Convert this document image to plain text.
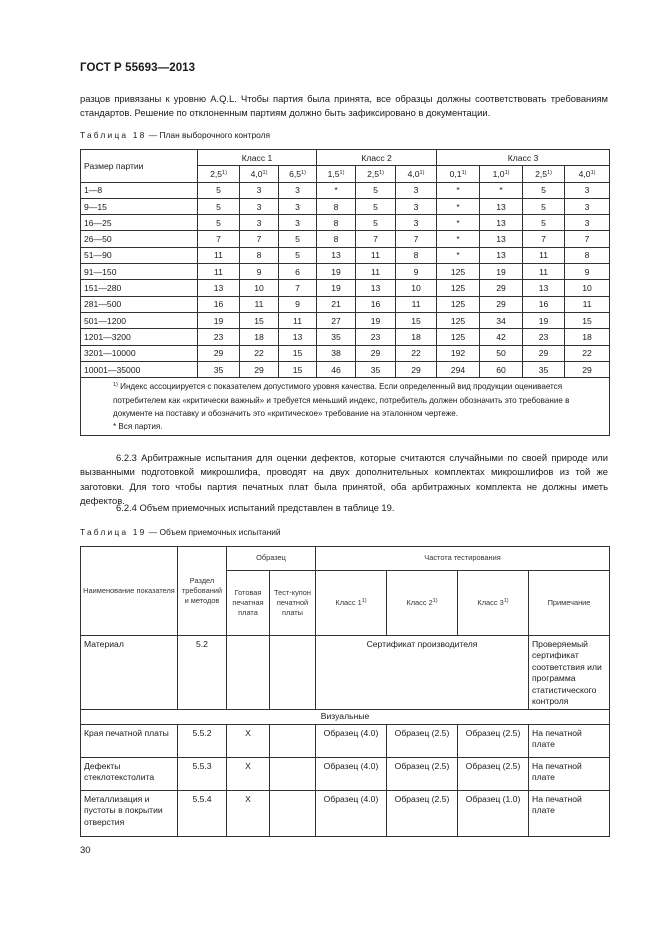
ГОСТ Р 55693—2013
разцов привязаны к уровню A.Q.L. Чтобы партия была принята, все образцы должны соответствовать требованиям стандартов. Решение по отклоненным партиям должно быть зафиксировано в документации.
Таблица 18 — План выборочного контроля
Размер партии	Класс 1			Класс 2			Класс 3			
	2,5$^{1)}$	4,0$^{1)}$	6,5$^{1)}$	1,5$^{1)}$	2,5$^{1)}$	4,0$^{1)}$	0,1$^{1)}$	1,0$^{1)}$	2,5$^{1)}$	4,0$^{1)}$
1—8	5	3	3	*	5	3	*	*	5	3
9—15	5	3	3	8	5	3	*	13	5	3
16—25	5	3	3	8	5	3	*	13	5	3
26—50	7	7	5	8	7	7	*	13	7	7
51—90	11	8	5	13	11	8	*	13	11	8
91—150	11	9	6	19	11	9	125	19	11	9
151—280	13	10	7	19	13	10	125	29	13	10
281—500	16	11	9	21	16	11	125	29	16	11
501—1200	19	15	11	27	19	15	125	34	19	15
1201—3200	23	18	13	35	23	18	125	42	23	18
3201—10000	29	22	15	38	29	22	192	50	29	22
10001—35000	35	29	15	46	35	29	294	60	35	29

$^{1)}$ Индекс ассоциируется с показателем допустимого уровня качества. Если определенный вид продукции оценивается потребителем как «критически важный» и требуется меньший индекс, потребитель должен обозначить это требование в документе на поставку и обозначить это «критическое» требование на эталонном чертеже.
* Вся партия.										
6.2.3 Арбитражные испытания для оценки дефектов, которые считаются случайными по своей природе или вызванными подготовкой микрошлифа, проводят на двух дополнительных комплектах микрошлифов из той же заготовки. Для того чтобы партия печатных плат была принятой, оба арбитражных комплекта не должны иметь дефектов.
6.2.4 Объем приемочных испытаний представлен в таблице 19.
Таблица 19 — Объем приемочных испытаний
Наименование показателя	Раздел требований и методов	Образец		Частота тестирования			
		Готовая печатная плата	Тест-купон печатной платы	Класс 1$^{1)}$	Класс 2$^{1)}$	Класс 3$^{1)}$	Примечание
Материал	5.2			Сертификат производителя			Проверяемый сертификат соответствия или программа статистического контроля
Визуальные							
Края печатной платы	5.5.2	X		Образец (4.0)	Образец (2.5)	Образец (2.5)	На печатной плате
Дефекты стеклотекстолита	5.5.3	X		Образец (4.0)	Образец (2.5)	Образец (2.5)	На печатной плате
Металлизация и пустоты в покрытии отверстия	5.5.4	X		Образец (4.0)	Образец (2.5)	Образец (1.0)	На печатной плате
30
